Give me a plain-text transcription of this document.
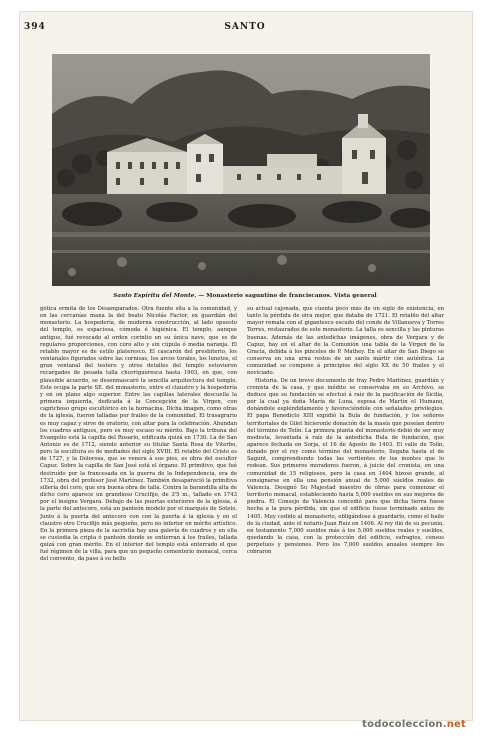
394	SANTO
Santo Espíritu del Monte. — Monasterio saguntino de franciscanos. Vista general

gótica ermita de los Desamparados. Otra fuente sita a la comunidad, y en las cercanías mana la del beato Nicolás Factor, ex guardián del monasterio. La hospedería, de moderna construcción, al lado opuesto del templo, es espaciosa, cómoda é higiénica. El templo, aunque antiguo, fué revocado al orden corintio en su única nave, que es de regulares proporciones, con coro alto y sin cúpula ó media naranja. El retablo mayor es de estilo plateresco. El cascarón del presbiterio, los ventanales figurados sobre las cornisas, los arcos torales, los lunetos, el gran ventanal del testero y otros detalles del templo estuvieron recargados de pesada talla churrigueresca hasta 1903, en que, con plausible acuerdo, se desenmascaró la sencilla arquitectura del templo. Este ocupa la parte SE. del monasterio, entre el claustro y la hospedería y en un plano algo superior. Entre las capillas laterales descuella la primera izquierda, dedicada á la Concepción de la Virgen, con caprichoso grupo escultórico en la hornacina. Dicha imagen, como otras de la iglesia, fueron talladas por frailes de la comunidad. El trasagrario es muy capaz y sirve de oratorio, con altar para la celebración. Abundan los cuadros antiguos, pero es muy escaso su mérito. Bajo la tribuna del Evangelio está la capilla del Rosario, edificada quizá en 1730. La de San Antonio es de 1712, siendo anterior su titular Santa Rosa de Viterbo, pero la escultura es de mediados del siglo XVIII. El retablo del Cristo es de 1727, y la Dolorosa, que se venera á sus pies, es obra del escultor Capuz. Sobre la capilla de San José está el órgano. El primitivo, que fué destruído por la francesada en la guerra de la Independencia, era de 1732, obra del profesor José Martínez. También desapareció la primitiva sillería del coro, que era buena obra de talla. Contra la barandilla alta de dicho coro aparece un grandioso Crucifijo, de 3'5 m., tallado en 1743 por el insigne Vergara. Debajo de las puertas exteriores de la iglesia, á la parte del antecoro, está un panteón modelo por el marqués de Sotelo. Junto á la puerta del antecoro con con la puerta á la iglesia y en el claustro otro Crucifijo más pequeño, pero no inferior en mérito artístico. En la primera pieza de la sacristía hay una galería de cuadros y en ella se custodia la cripta ó panteón donde se entierran á los frailes, tallada quizá con gran mérito. En el interior del templo está enterrado el que fué régimen de la villa, para que un pequeño cementerio monacal, cerca del convento, da paso á su bello

su actual cajonada, que cuenta poco más de un siglo de existencia, en tanto la pérdida de otra mejor, que databa de 1721. El retablo del altar mayor remata con el gigantesco escudo del conde de Villanueva y Torres Torres, restaurados de este monasterio. La talla es sencilla y las pinturas buenas. Además de las antedichas imágenes, obra de Vergara y de Capuz, hay en el altar de la Comunión una tabla de la Virgen de la Gracia, debida á los pinceles de P. Mathey. En el altar de San Diego se conserva en una urna restos de un santo mártir con auténtica. La comunidad se compone á principios del siglo XX de 50 frailes y el noviciado.

Historia. De un breve documento de fray Pedro Martínez, guardián y cronista de la casa, y que inédito se conservaba en su Archivo, se deduce que su fundación se efectuó á raíz de la pacificación de Sicilia, por la cual ya doña María de Luna, esposa de Martín el Humano, donándole espléndidamente y favoreciéndole con señalados privilegios. El papa Benedicto XIII expidió la Bula de fundación, y los señores territoriales de Gilet hicieronle donación de la masía que poseían dentro del término de Tolín. La primera planta del monasterio debió de ser muy modesta, levantada á raíz de la antedicha Bula de fundación, que aparece fechada en Sorja, el 16 de Agosto de 1403. El valle de Tolín, donado por el rey como término del monasterio, llegaba hasta el de Sagunt, comprendiendo todas las vertientes de los montes que lo rodean. Sus primeros moradores fueron, á juicio del cronista, en una comunidad de 15 religiosos, pero la casa en 1404 hízose grande, al consignarse en ella una pensión anual de 5,000 sueldos reales de Valencia. Designó Su Majestad maestro de obras para comenzar el territorio monacal, estableciendo hasta 5,000 sueldos en sus mejores de piedra. El Consejo de Valencia concedió para que dicha tierra fuese hecha a la pura pérdida, sin que el edificio fuese terminado antes de 1405. Muy cedido al monasterio, obligándose á guardarlo, como el baile de la ciudad, ante el notario Juan Ruiz en 1406. Al rey dió de su pecunio, en testamento 7,000 sueldos más á los 5,000 sueldos reales y sueldos, quedando la casa, con la protección del edificio, sufragios, censos perpetuos y pensiones. Pero los 7,000 sueldos anuales siempre los cobraron

todocoleccion.net
